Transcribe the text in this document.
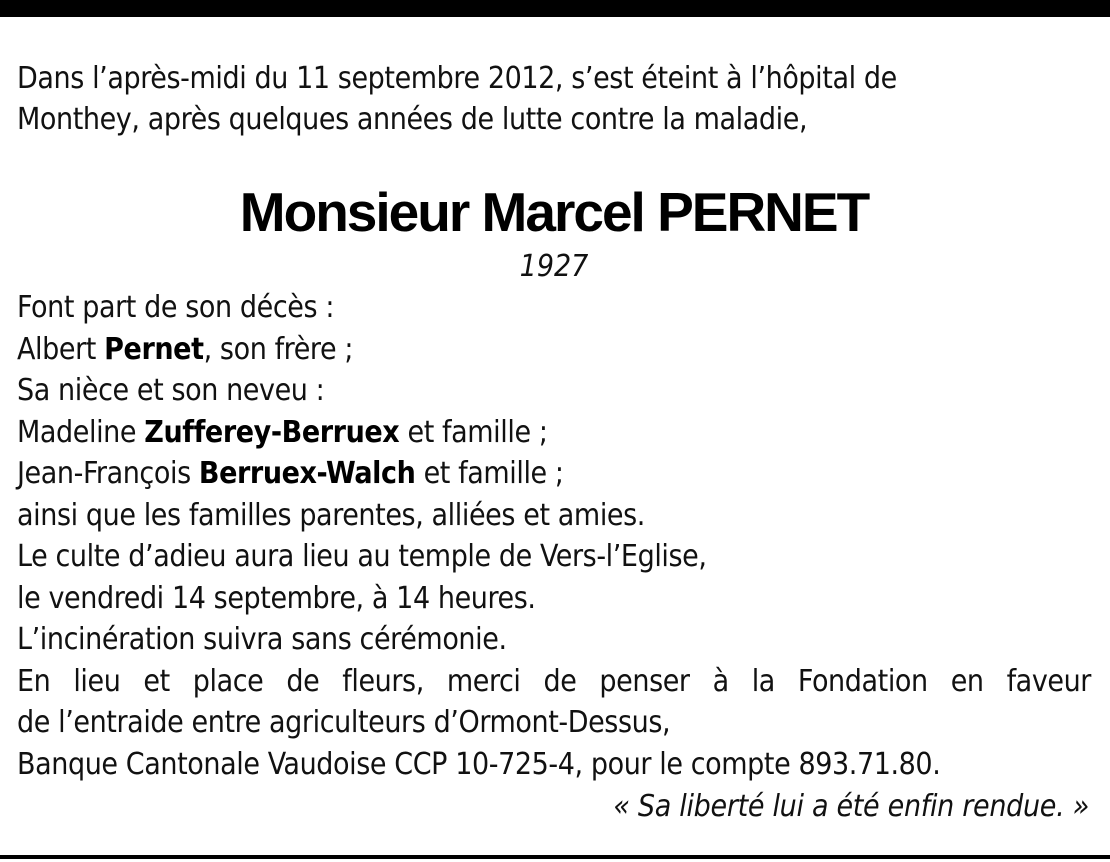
Dans l’après-midi du 11 septembre 2012, s’est éteint à l’hôpital de
Monthey, après quelques années de lutte contre la maladie,
Monsieur Marcel PERNET
1927
Font part de son décès :
Albert Pernet, son frère ;
Sa nièce et son neveu :
Madeline Zufferey-Berruex et famille ;
Jean-François Berruex-Walch et famille ;
ainsi que les familles parentes, alliées et amies.
Le culte d’adieu aura lieu au temple de Vers-l’Eglise,
le vendredi 14 septembre, à 14 heures.
L’incinération suivra sans cérémonie.
En lieu et place de fleurs, merci de penser à la Fondation en faveur
de l’entraide entre agriculteurs d’Ormont-Dessus,
Banque Cantonale Vaudoise CCP 10-725-4, pour le compte 893.71.80.
« Sa liberté lui a été enfin rendue. »
